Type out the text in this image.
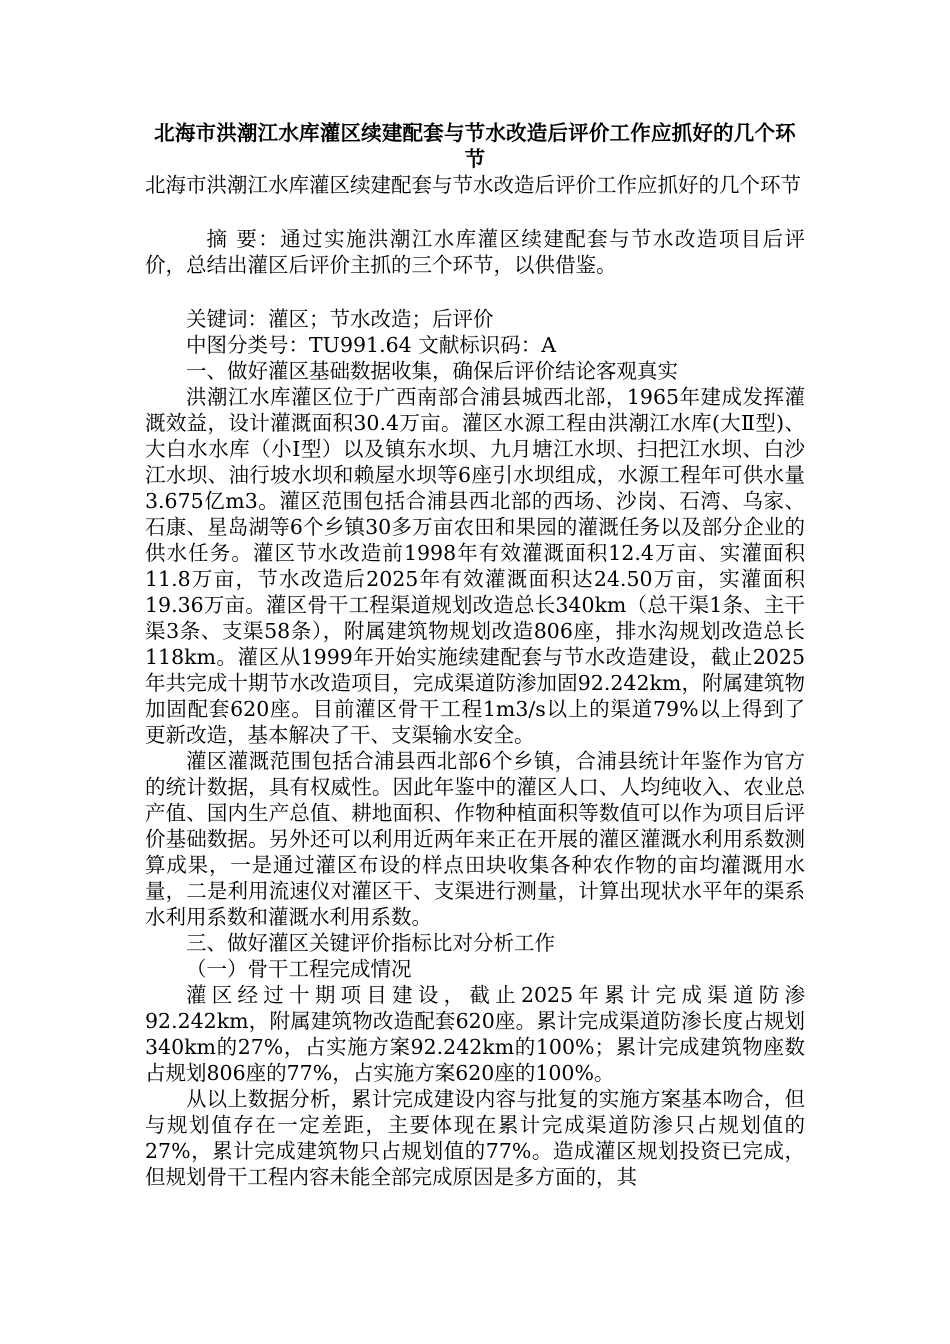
北海市洪潮江水库灌区续建配套与节水改造后评价工作应抓好的几个环节

北海市洪潮江水库灌区续建配套与节水改造后评价工作应抓好的几个环节

摘 要：通过实施洪潮江水库灌区续建配套与节水改造项目后评价，总结出灌区后评价主抓的三个环节，以供借鉴。

关键词：灌区；节水改造；后评价

中图分类号：TU991.64 文献标识码：A

一、做好灌区基础数据收集，确保后评价结论客观真实

洪潮江水库灌区位于广西南部合浦县城西北部，1965年建成发挥灌溉效益，设计灌溉面积30.4万亩。灌区水源工程由洪潮江水库(大Ⅱ型)、大白水水库（小Ⅰ型）以及镇东水坝、九月塘江水坝、扫把江水坝、白沙江水坝、油行坡水坝和赖屋水坝等6座引水坝组成，水源工程年可供水量3.675亿m3。灌区范围包括合浦县西北部的西场、沙岗、石湾、乌家、石康、星岛湖等6个乡镇30多万亩农田和果园的灌溉任务以及部分企业的供水任务。灌区节水改造前1998年有效灌溉面积12.4万亩、实灌面积11.8万亩，节水改造后2025年有效灌溉面积达24.50万亩，实灌面积19.36万亩。灌区骨干工程渠道规划改造总长340km（总干渠1条、主干渠3条、支渠58条），附属建筑物规划改造806座，排水沟规划改造总长118km。灌区从1999年开始实施续建配套与节水改造建设，截止2025年共完成十期节水改造项目，完成渠道防渗加固92.242km，附属建筑物加固配套620座。目前灌区骨干工程1m3/s以上的渠道79%以上得到了更新改造，基本解决了干、支渠输水安全。

灌区灌溉范围包括合浦县西北部6个乡镇，合浦县统计年鉴作为官方的统计数据，具有权威性。因此年鉴中的灌区人口、人均纯收入、农业总产值、国内生产总值、耕地面积、作物种植面积等数值可以作为项目后评价基础数据。另外还可以利用近两年来正在开展的灌区灌溉水利用系数测算成果，一是通过灌区布设的样点田块收集各种农作物的亩均灌溉用水量，二是利用流速仪对灌区干、支渠进行测量，计算出现状水平年的渠系水利用系数和灌溉水利用系数。

三、做好灌区关键评价指标比对分析工作

（一）骨干工程完成情况

灌区经过十期项目建设，截止2025年累计完成渠道防渗92.242km，附属建筑物改造配套620座。累计完成渠道防渗长度占规划340km的27%，占实施方案92.242km的100%；累计完成建筑物座数占规划806座的77%，占实施方案620座的100%。

从以上数据分析，累计完成建设内容与批复的实施方案基本吻合，但与规划值存在一定差距，主要体现在累计完成渠道防渗只占规划值的27%，累计完成建筑物只占规划值的77%。造成灌区规划投资已完成，但规划骨干工程内容未能全部完成原因是多方面的，其
